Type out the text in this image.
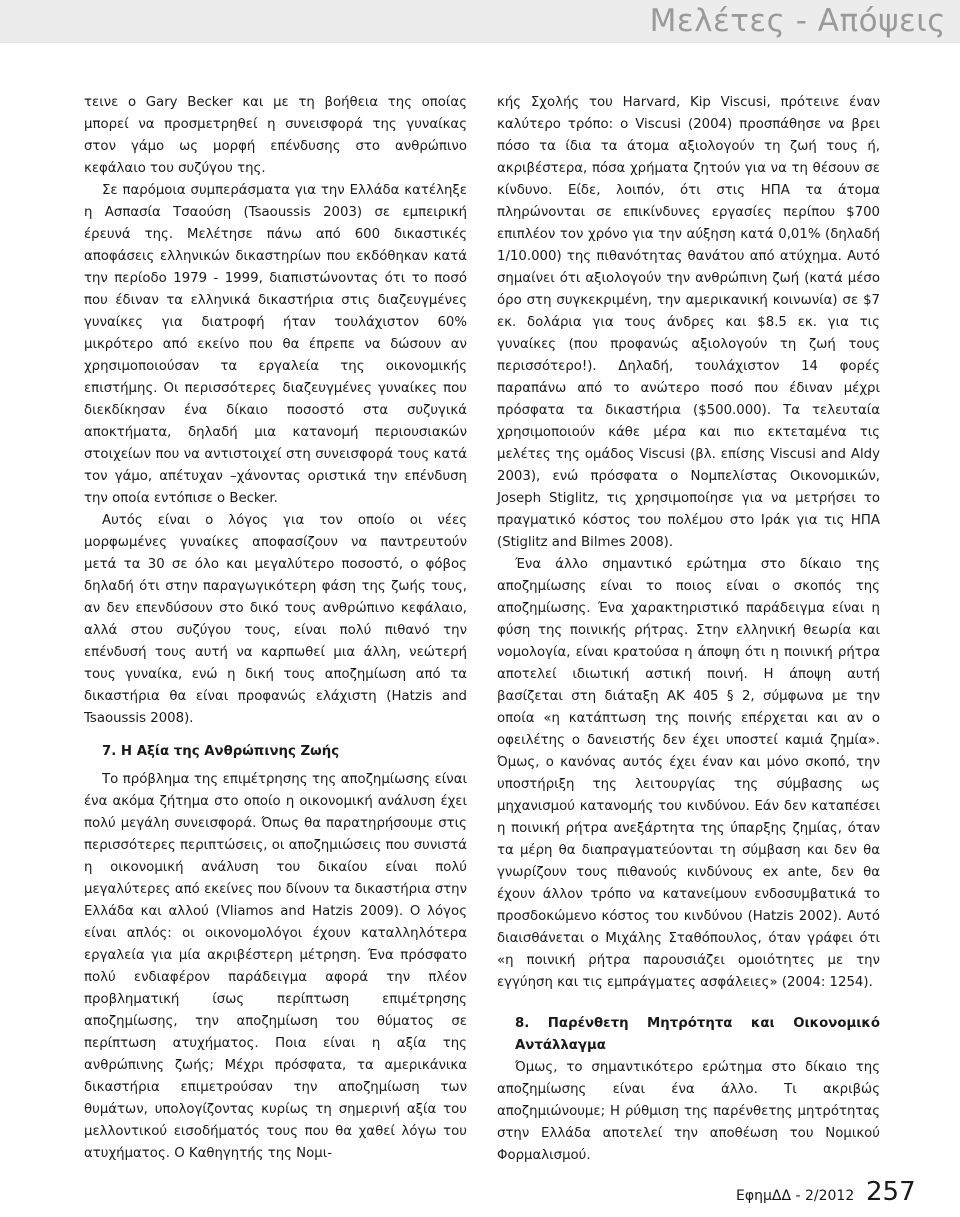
Μελέτες - Απόψεις

τεινε ο Gary Becker και με τη βοήθεια της οποίας μπορεί να προσμετρηθεί η συνεισφορά της γυναίκας στον γάμο ως μορφή επένδυσης στο ανθρώπινο κεφάλαιο του συζύγου της.

Σε παρόμοια συμπεράσματα για την Ελλάδα κατέληξε η Ασπασία Τσαούση (Tsaoussis 2003) σε εμπειρική έρευνά της. Μελέτησε πάνω από 600 δικαστικές αποφάσεις ελληνικών δικαστηρίων που εκδόθηκαν κατά την περίοδο 1979 - 1999, διαπιστώνοντας ότι το ποσό που έδιναν τα ελληνικά δικαστήρια στις διαζευγμένες γυναίκες για διατροφή ήταν τουλάχιστον 60% μικρότερο από εκείνο που θα έπρεπε να δώσουν αν χρησιμοποιούσαν τα εργαλεία της οικονομικής επιστήμης. Οι περισσότερες διαζευγμένες γυναίκες που διεκδίκησαν ένα δίκαιο ποσοστό στα συζυγικά αποκτήματα, δηλαδή μια κατανομή περιουσιακών στοιχείων που να αντιστοιχεί στη συνεισφορά τους κατά τον γάμο, απέτυχαν –χάνοντας οριστικά την επένδυση την οποία εντόπισε ο Becker.

Αυτός είναι ο λόγος για τον οποίο οι νέες μορφωμένες γυναίκες αποφασίζουν να παντρευτούν μετά τα 30 σε όλο και μεγαλύτερο ποσοστό, ο φόβος δηλαδή ότι στην παραγωγικότερη φάση της ζωής τους, αν δεν επενδύσουν στο δικό τους ανθρώπινο κεφάλαιο, αλλά στου συζύγου τους, είναι πολύ πιθανό την επένδυσή τους αυτή να καρπωθεί μια άλλη, νεώτερή τους γυναίκα, ενώ η δική τους αποζημίωση από τα δικαστήρια θα είναι προφανώς ελάχιστη (Hatzis and Tsaoussis 2008).

7. Η Αξία της Ανθρώπινης Ζωής

Το πρόβλημα της επιμέτρησης της αποζημίωσης είναι ένα ακόμα ζήτημα στο οποίο η οικονομική ανάλυση έχει πολύ μεγάλη συνεισφορά. Όπως θα παρατηρήσουμε στις περισσότερες περιπτώσεις, οι αποζημιώσεις που συνιστά η οικονομική ανάλυση του δικαίου είναι πολύ μεγαλύτερες από εκείνες που δίνουν τα δικαστήρια στην Ελλάδα και αλλού (Vliamos and Hatzis 2009). Ο λόγος είναι απλός: οι οικονομολόγοι έχουν καταλληλότερα εργαλεία για μία ακριβέστερη μέτρηση. Ένα πρόσφατο πολύ ενδιαφέρον παράδειγμα αφορά την πλέον προβληματική ίσως περίπτωση επιμέτρησης αποζημίωσης, την αποζημίωση του θύματος σε περίπτωση ατυχήματος. Ποια είναι η αξία της ανθρώπινης ζωής; Μέχρι πρόσφατα, τα αμερικάνικα δικαστήρια επιμετρούσαν την αποζημίωση των θυμάτων, υπολογίζοντας κυρίως τη σημερινή αξία του μελλοντικού εισοδήματός τους που θα χαθεί λόγω του ατυχήματος. Ο Καθηγητής της Νομι-

κής Σχολής του Harvard, Kip Viscusi, πρότεινε έναν καλύτερο τρόπο: ο Viscusi (2004) προσπάθησε να βρει πόσο τα ίδια τα άτομα αξιολογούν τη ζωή τους ή, ακριβέστερα, πόσα χρήματα ζητούν για να τη θέσουν σε κίνδυνο. Είδε, λοιπόν, ότι στις ΗΠΑ τα άτομα πληρώνονται σε επικίνδυνες εργασίες περίπου $700 επιπλέον τον χρόνο για την αύξηση κατά 0,01% (δηλαδή 1/10.000) της πιθανότητας θανάτου από ατύχημα. Αυτό σημαίνει ότι αξιολογούν την ανθρώπινη ζωή (κατά μέσο όρο στη συγκεκριμένη, την αμερικανική κοινωνία) σε $7 εκ. δολάρια για τους άνδρες και $8.5 εκ. για τις γυναίκες (που προφανώς αξιολογούν τη ζωή τους περισσότερο!). Δηλαδή, τουλάχιστον 14 φορές παραπάνω από το ανώτερο ποσό που έδιναν μέχρι πρόσφατα τα δικαστήρια ($500.000). Τα τελευταία χρησιμοποιούν κάθε μέρα και πιο εκτεταμένα τις μελέτες της ομάδος Viscusi (βλ. επίσης Viscusi and Aldy 2003), ενώ πρόσφατα ο Νομπελίστας Οικονομικών, Joseph Stiglitz, τις χρησιμοποίησε για να μετρήσει το πραγματικό κόστος του πολέμου στο Ιράκ για τις ΗΠΑ (Stiglitz and Bilmes 2008).

Ένα άλλο σημαντικό ερώτημα στο δίκαιο της αποζημίωσης είναι το ποιος είναι ο σκοπός της αποζημίωσης. Ένα χαρακτηριστικό παράδειγμα είναι η φύση της ποινικής ρήτρας. Στην ελληνική θεωρία και νομολογία, είναι κρατούσα η άποψη ότι η ποινική ρήτρα αποτελεί ιδιωτική αστική ποινή. Η άποψη αυτή βασίζεται στη διάταξη ΑΚ 405 § 2, σύμφωνα με την οποία «η κατάπτωση της ποινής επέρχεται και αν ο οφειλέτης ο δανειστής δεν έχει υποστεί καμιά ζημία». Όμως, ο κανόνας αυτός έχει έναν και μόνο σκοπό, την υποστήριξη της λειτουργίας της σύμβασης ως μηχανισμού κατανομής του κινδύνου. Εάν δεν καταπέσει η ποινική ρήτρα ανεξάρτητα της ύπαρξης ζημίας, όταν τα μέρη θα διαπραγματεύονται τη σύμβαση και δεν θα γνωρίζουν τους πιθανούς κινδύνους ex ante, δεν θα έχουν άλλον τρόπο να κατανείμουν ενδοσυμβατικά το προσδοκώμενο κόστος του κινδύνου (Hatzis 2002). Αυτό διαισθάνεται ο Μιχάλης Σταθόπουλος, όταν γράφει ότι «η ποινική ρήτρα παρουσιάζει ομοιότητες με την εγγύηση και τις εμπράγματες ασφάλειες» (2004: 1254).

8. Παρένθετη Μητρότητα και Οικονομικό Αντάλλαγμα

Όμως, το σημαντικότερο ερώτημα στο δίκαιο της αποζημίωσης είναι ένα άλλο. Τι ακριβώς αποζημιώνουμε; Η ρύθμιση της παρένθετης μητρότητας στην Ελλάδα αποτελεί την αποθέωση του Νομικού Φορμαλισμού.

ΕφημΔΔ - 2/2012 257
